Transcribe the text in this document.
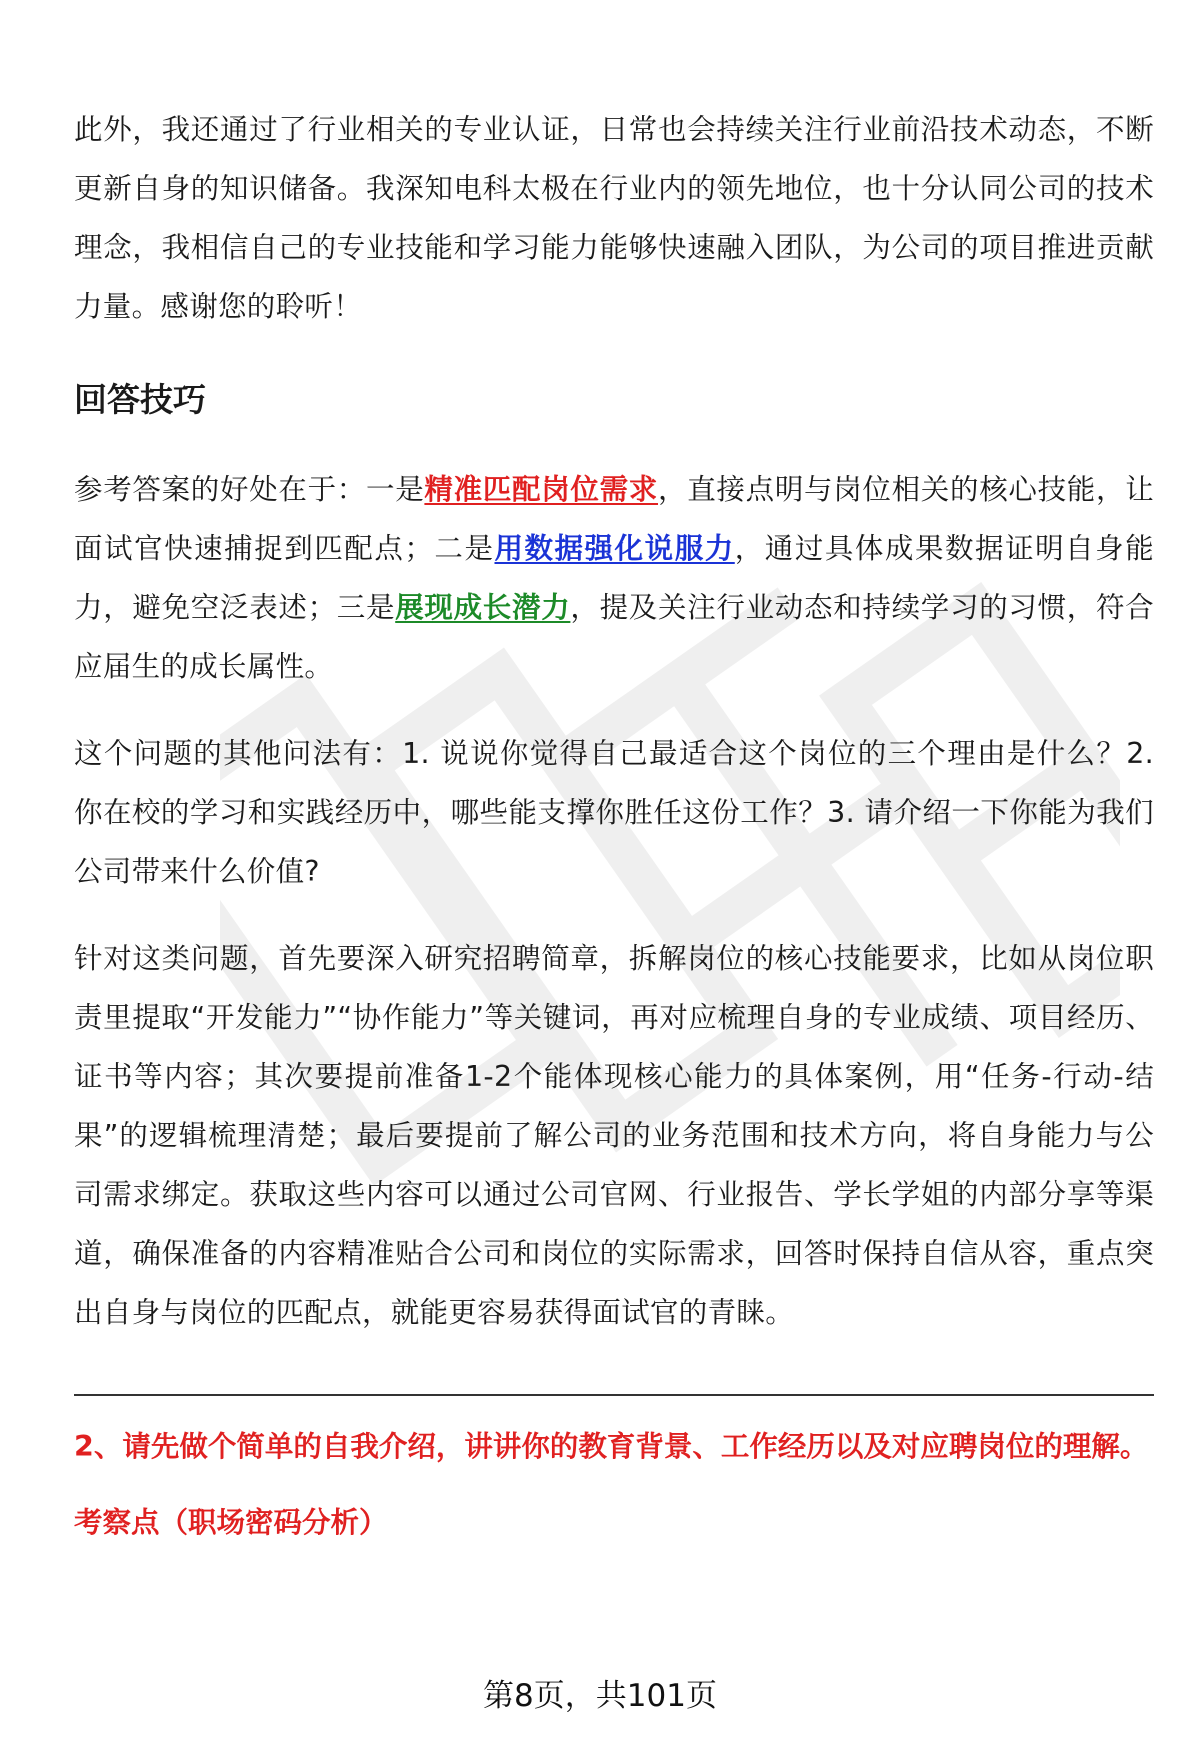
此外，我还通过了行业相关的专业认证，日常也会持续关注行业前沿技术动态，不断更新自身的知识储备。我深知电科太极在行业内的领先地位，也十分认同公司的技术理念，我相信自己的专业技能和学习能力能够快速融入团队，为公司的项目推进贡献力量。感谢您的聆听！

回答技巧

参考答案的好处在于：一是精准匹配岗位需求，直接点明与岗位相关的核心技能，让面试官快速捕捉到匹配点；二是用数据强化说服力，通过具体成果数据证明自身能力，避免空泛表述；三是展现成长潜力，提及关注行业动态和持续学习的习惯，符合应届生的成长属性。

这个问题的其他问法有：1. 说说你觉得自己最适合这个岗位的三个理由是什么？2. 你在校的学习和实践经历中，哪些能支撑你胜任这份工作？3. 请介绍一下你能为我们公司带来什么价值?

针对这类问题，首先要深入研究招聘简章，拆解岗位的核心技能要求，比如从岗位职责里提取“开发能力”“协作能力”等关键词，再对应梳理自身的专业成绩、项目经历、证书等内容；其次要提前准备1-2个能体现核心能力的具体案例，用“任务-行动-结果”的逻辑梳理清楚；最后要提前了解公司的业务范围和技术方向，将自身能力与公司需求绑定。获取这些内容可以通过公司官网、行业报告、学长学姐的内部分享等渠道，确保准备的内容精准贴合公司和岗位的实际需求，回答时保持自信从容，重点突出自身与岗位的匹配点，就能更容易获得面试官的青睐。

2、请先做个简单的自我介绍，讲讲你的教育背景、工作经历以及对应聘岗位的理解。

考察点（职场密码分析）

第8页，共101页
